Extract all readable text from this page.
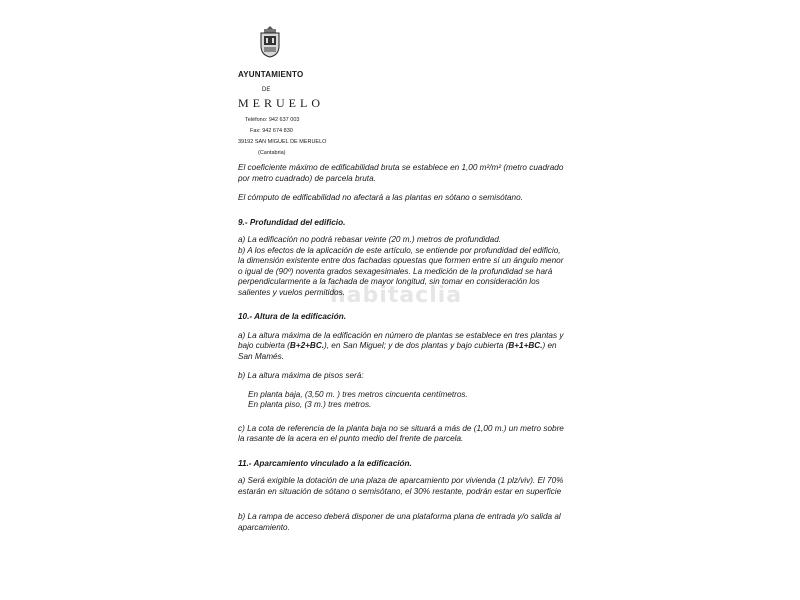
AYUNTAMIENTO
DE
MERUELO
Teléfono: 942 637 003
Fax: 942 674 830
39192 SAN MIGUEL DE MERUELO
(Cantabria)
habitaclia

El coeficiente máximo de edificabilidad bruta se establece en 1,00 m²/m² (metro cuadrado
por metro cuadrado) de parcela bruta.

El cómputo de edificabilidad no afectará a las plantas en sótano o semisótano.

9.- Profundidad del edificio.

a) La edificación no podrá rebasar veinte (20 m.) metros de profundidad.
b) A los efectos de la aplicación de este artículo, se entiende por profundidad del edificio,
la dimensión existente entre dos fachadas opuestas que formen entre sí un ángulo menor
o igual de (90º) noventa grados sexagesimales. La medición de la profundidad se hará
perpendicularmente a la fachada de mayor longitud, sin tomar en consideración los
salientes y vuelos permitidos.

10.- Altura de la edificación.

a) La altura máxima de la edificación en número de plantas se establece en tres plantas y
bajo cubierta (B+2+BC.), en San Miguel; y de dos plantas y bajo cubierta (B+1+BC.) en
San Mamés.

b) La altura máxima de pisos será:

En planta baja, (3,50 m. ) tres metros cincuenta centímetros.
En planta piso, (3 m.) tres metros.

c) La cota de referencia de la planta baja no se situará a más de (1,00 m.) un metro sobre
la rasante de la acera en el punto medio del frente de parcela.

11.- Aparcamiento vinculado a la edificación.

a) Será exigible la dotación de una plaza de aparcamiento por vivienda (1 plz/viv). El 70%
estarán en situación de sótano o semisótano, el 30% restante, podrán estar en superficie

b) La rampa de acceso deberá disponer de una plataforma plana de entrada y/o salida al
aparcamiento.
